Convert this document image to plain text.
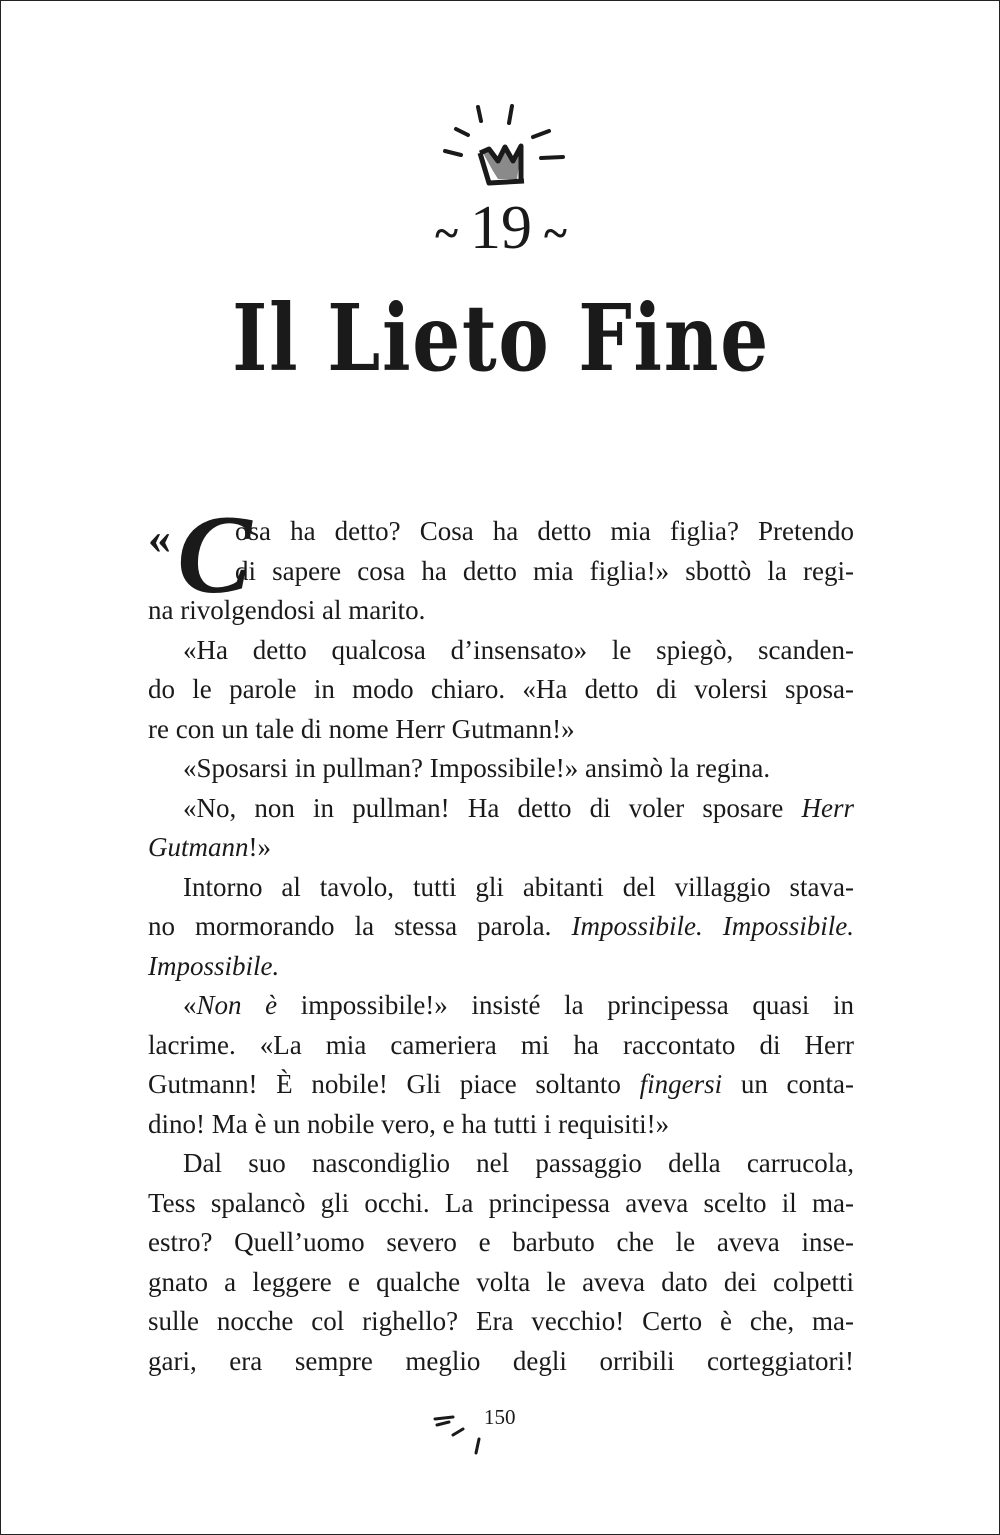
~ 19 ~
Il Lieto Fine
« C
osa ha detto? Cosa ha detto mia figlia? Pretendo
di sapere cosa ha detto mia figlia!» sbottò la regi-
na rivolgendosi al marito.
«Ha detto qualcosa d’insensato» le spiegò, scanden-
do le parole in modo chiaro. «Ha detto di volersi sposa-
re con un tale di nome Herr Gutmann!»
«Sposarsi in pullman? Impossibile!» ansimò la regina.
«No, non in pullman! Ha detto di voler sposare Herr
Gutmann!»
Intorno al tavolo, tutti gli abitanti del villaggio stava-
no mormorando la stessa parola. Impossibile. Impossibile.
Impossibile.
«Non è impossibile!» insisté la principessa quasi in
lacrime. «La mia cameriera mi ha raccontato di Herr
Gutmann! È nobile! Gli piace soltanto fingersi un conta-
dino! Ma è un nobile vero, e ha tutti i requisiti!»
Dal suo nascondiglio nel passaggio della carrucola,
Tess spalancò gli occhi. La principessa aveva scelto il ma-
estro? Quell’uomo severo e barbuto che le aveva inse-
gnato a leggere e qualche volta le aveva dato dei colpetti
sulle nocche col righello? Era vecchio! Certo è che, ma-
gari, era sempre meglio degli orribili corteggiatori!
150
